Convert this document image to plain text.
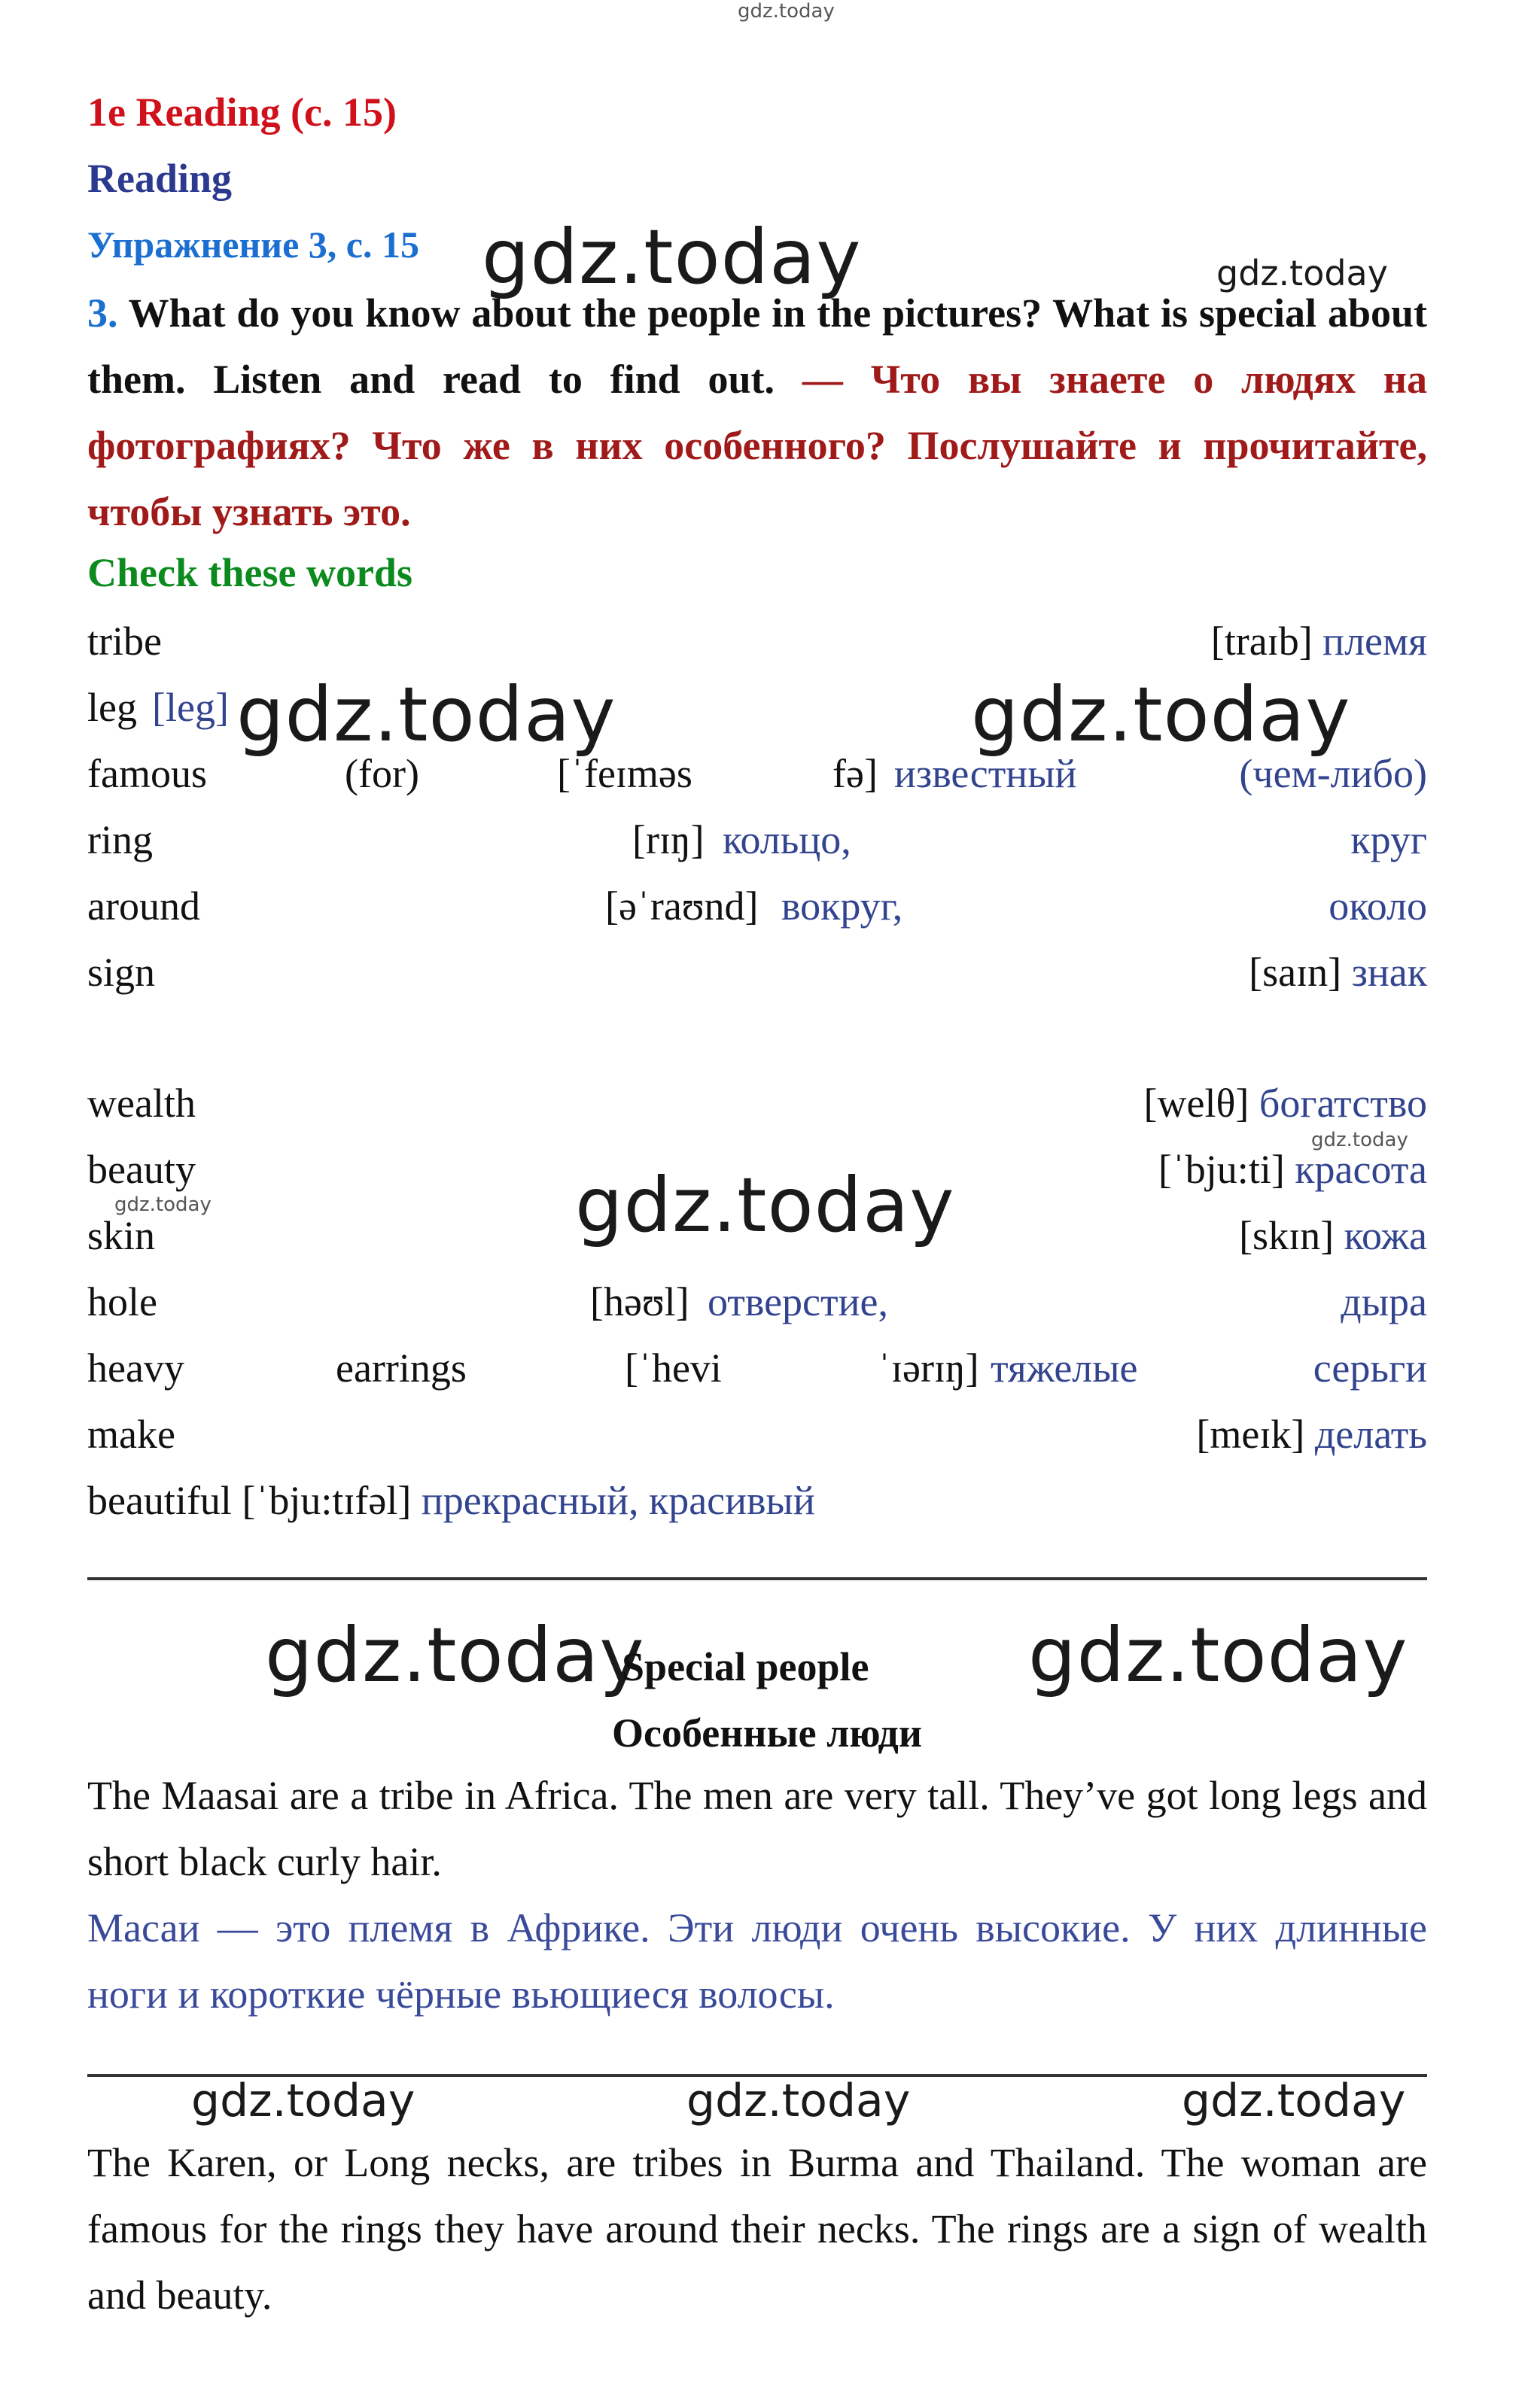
gdz.today
1e Reading (с. 15)
Reading
Упражнение 3, с. 15 gdz.today	gdz.today
3. What do you know about the people in the pictures? What is special about them. Listen and read to find out. — Что вы знаете о людях на фотографиях? Что же в них особенного? Послушайте и прочитайте, чтобы узнать это.
Check these words
tribe	[traɪb] племя
leg [leg] gdz.today	gdz.today
famous	(for)	[ˈfeɪməs	fə] известный	(чем-либо)
ring	[rɪŋ] кольцо,	круг
around	[əˈraʊnd] вокруг,	около
sign	[saɪn] знак
wealth	[welθ] богатство
gdz.today
beauty	[ˈbju:ti] красота
gdz.today	gdz.today
skin	[skɪn] кожа
hole	[həʊl] отверстие,	дыра
heavy	earrings	[ˈhevi	ˈɪərɪŋ] тяжелые	серьги
make	[meɪk] делать
beautiful [ˈbju:tɪfəl] прекрасный, красивый
gdz.today	gdz.today
Special people
Особенные люди
The Maasai are a tribe in Africa. The men are very tall. They’ve got long legs and short black curly hair.
Масаи — это племя в Африке. Эти люди очень высокие. У них длинные ноги и короткие чёрные вьющиеся волосы.
gdz.today	gdz.today	gdz.today
The Karen, or Long necks, are tribes in Burma and Thailand. The woman are famous for the rings they have around their necks. The rings are a sign of wealth and beauty.
